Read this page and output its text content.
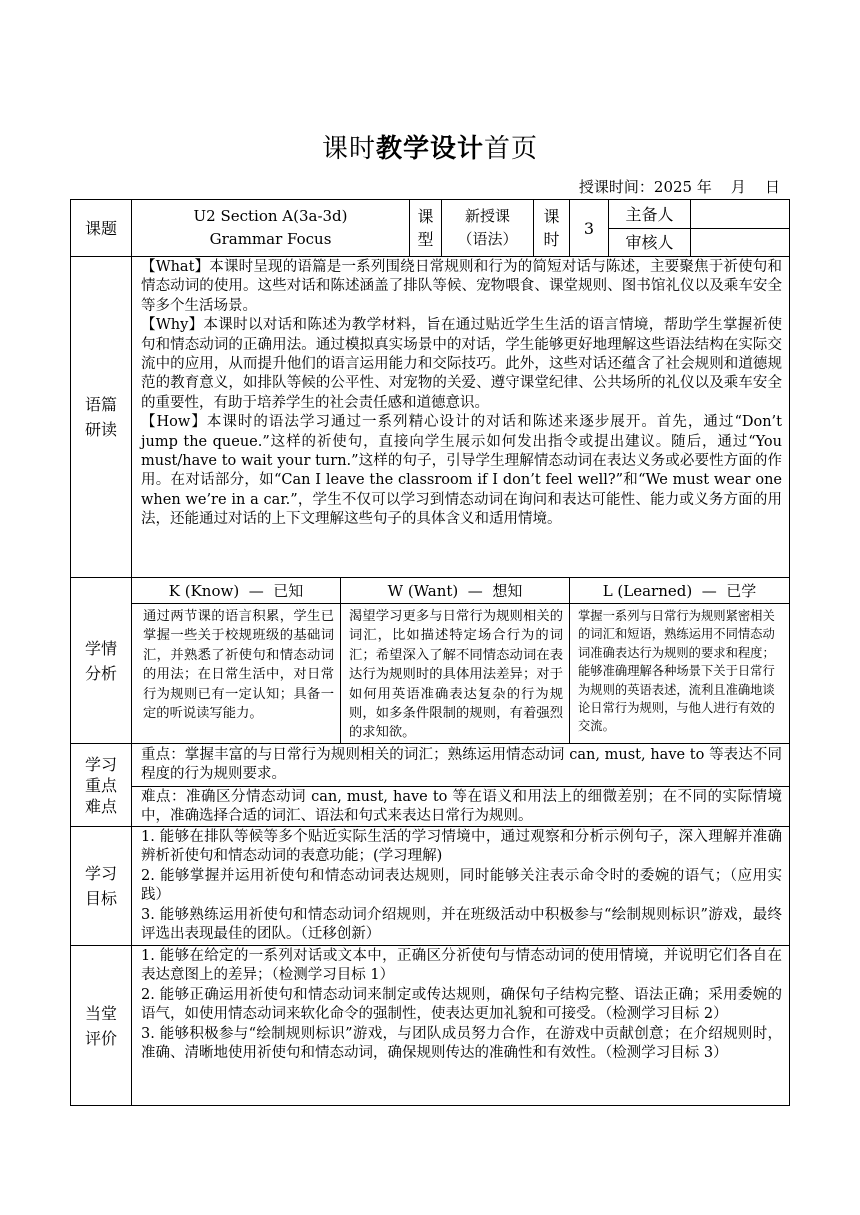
课时教学设计首页
授课时间：2025 年    月    日
课题
U2 Section A(3a-3d)
Grammar Focus
课型
新授课
（语法）
课时
3
主备人
审核人
语篇研读
【What】本课时呈现的语篇是一系列围绕日常规则和行为的简短对话与陈述，主要聚焦于祈使句和情态动词的使用。这些对话和陈述涵盖了排队等候、宠物喂食、课堂规则、图书馆礼仪以及乘车安全等多个生活场景。
【Why】本课时以对话和陈述为教学材料，旨在通过贴近学生生活的语言情境，帮助学生掌握祈使句和情态动词的正确用法。通过模拟真实场景中的对话，学生能够更好地理解这些语法结构在实际交流中的应用，从而提升他们的语言运用能力和交际技巧。此外，这些对话还蕴含了社会规则和道德规范的教育意义，如排队等候的公平性、对宠物的关爱、遵守课堂纪律、公共场所的礼仪以及乘车安全的重要性，有助于培养学生的社会责任感和道德意识。
【How】本课时的语法学习通过一系列精心设计的对话和陈述来逐步展开。首先，通过“Don’t jump the queue.”这样的祈使句，直接向学生展示如何发出指令或提出建议。随后，通过“You must/have to wait your turn.”这样的句子，引导学生理解情态动词在表达义务或必要性方面的作用。在对话部分，如“Can I leave the classroom if I don’t feel well?”和“We must wear one when we’re in a car.”，学生不仅可以学习到情态动词在询问和表达可能性、能力或义务方面的用法，还能通过对话的上下文理解这些句子的具体含义和适用情境。
学情分析
K (Know)  —  已知	W (Want)  —  想知	L (Learned)  —  已学
通过两节课的语言积累，学生已掌握一些关于校规班级的基础词汇，并熟悉了祈使句和情态动词的用法；在日常生活中，对日常行为规则已有一定认知；具备一定的听说读写能力。
渴望学习更多与日常行为规则相关的词汇，比如描述特定场合行为的词汇；希望深入了解不同情态动词在表达行为规则时的具体用法差异；对于如何用英语准确表达复杂的行为规则，如多条件限制的规则，有着强烈的求知欲。
掌握一系列与日常行为规则紧密相关的词汇和短语，熟练运用不同情态动词准确表达行为规则的要求和程度；能够准确理解各种场景下关于日常行为规则的英语表述，流利且准确地谈论日常行为规则，与他人进行有效的交流。
学习重点难点
重点：掌握丰富的与日常行为规则相关的词汇；熟练运用情态动词 can, must, have to 等表达不同程度的行为规则要求。
难点：准确区分情态动词 can, must, have to 等在语义和用法上的细微差别；在不同的实际情境中，准确选择合适的词汇、语法和句式来表达日常行为规则。
学习目标
1. 能够在排队等候等多个贴近实际生活的学习情境中，通过观察和分析示例句子，深入理解并准确辨析祈使句和情态动词的表意功能；(学习理解)
2. 能够掌握并运用祈使句和情态动词表达规则，同时能够关注表示命令时的委婉的语气；（应用实践）
3. 能够熟练运用祈使句和情态动词介绍规则，并在班级活动中积极参与“绘制规则标识”游戏，最终评选出表现最佳的团队。（迁移创新）
当堂评价
1. 能够在给定的一系列对话或文本中，正确区分祈使句与情态动词的使用情境，并说明它们各自在表达意图上的差异；（检测学习目标 1）
2. 能够正确运用祈使句和情态动词来制定或传达规则，确保句子结构完整、语法正确；采用委婉的语气，如使用情态动词来软化命令的强制性，使表达更加礼貌和可接受。（检测学习目标 2）
3. 能够积极参与“绘制规则标识”游戏，与团队成员努力合作，在游戏中贡献创意；在介绍规则时，准确、清晰地使用祈使句和情态动词，确保规则传达的准确性和有效性。（检测学习目标 3）
